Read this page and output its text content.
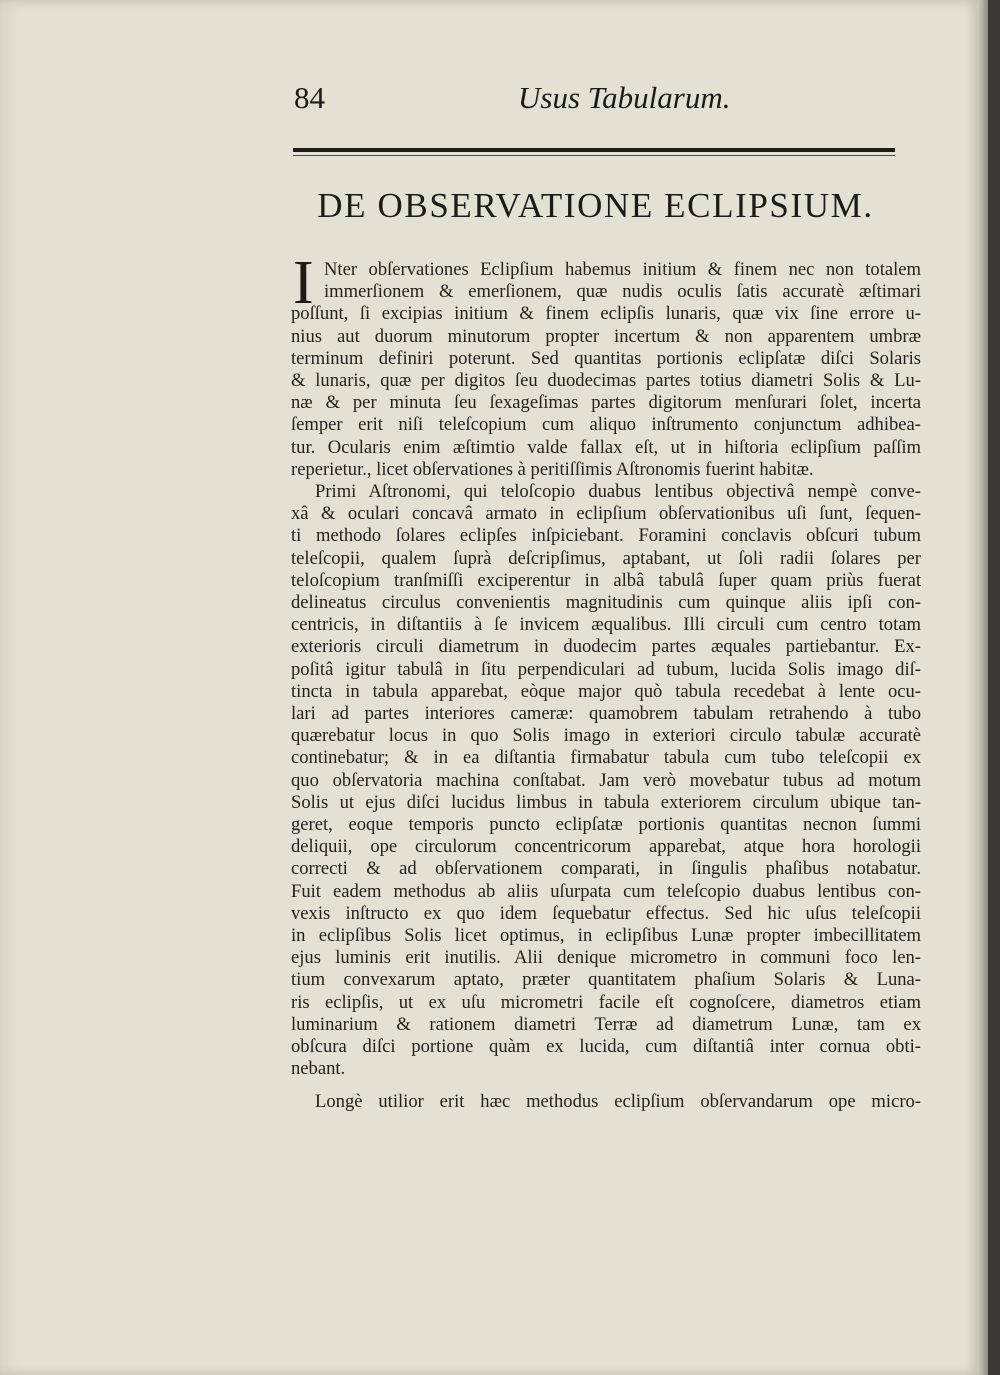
84	Usus Tabularum.
DE OBSERVATIONE ECLIPSIUM.
I Nter obſervationes Eclipſium habemus initium & finem nec non totalem
immerſionem & emerſionem, quæ nudis oculis ſatis accuratè æſtimari
poſſunt, ſi excipias initium & finem eclipſis lunaris, quæ vix ſine errore u-
nius aut duorum minutorum propter incertum & non apparentem umbræ
terminum definiri poterunt. Sed quantitas portionis eclipſatæ diſci Solaris
& lunaris, quæ per digitos ſeu duodecimas partes totius diametri Solis & Lu-
næ & per minuta ſeu ſexageſimas partes digitorum menſurari ſolet, incerta
ſemper erit niſi teleſcopium cum aliquo inſtrumento conjunctum adhibea-
tur. Ocularis enim æſtimtio valde fallax eſt, ut in hiſtoria eclipſium paſſim
reperietur., licet obſervationes à peritiſſimis Aſtronomis fuerint habitæ.
Primi Aſtronomi, qui teloſcopio duabus lentibus objectivâ nempè conve-
xâ & oculari concavâ armato in eclipſium obſervationibus uſi ſunt, ſequen-
ti methodo ſolares eclipſes inſpiciebant. Foramini conclavis obſcuri tubum
teleſcopii, qualem ſuprà deſcripſimus, aptabant, ut ſoli radii ſolares per
teloſcopium tranſmiſſi exciperentur in albâ tabulâ ſuper quam priùs fuerat
delineatus circulus convenientis magnitudinis cum quinque aliis ipſi con-
centricis, in diſtantiis à ſe invicem æqualibus. Illi circuli cum centro totam
exterioris circuli diametrum in duodecim partes æquales partiebantur. Ex-
poſitâ igitur tabulâ in ſitu perpendiculari ad tubum, lucida Solis imago diſ-
tincta in tabula apparebat, eòque major quò tabula recedebat à lente ocu-
lari ad partes interiores cameræ: quamobrem tabulam retrahendo à tubo
quærebatur locus in quo Solis imago in exteriori circulo tabulæ accuratè
continebatur; & in ea diſtantia firmabatur tabula cum tubo teleſcopii ex
quo obſervatoria machina conſtabat. Jam verò movebatur tubus ad motum
Solis ut ejus diſci lucidus limbus in tabula exteriorem circulum ubique tan-
geret, eoque temporis puncto eclipſatæ portionis quantitas necnon ſummi
deliquii, ope circulorum concentricorum apparebat, atque hora horologii
correcti & ad obſervationem comparati, in ſingulis phaſibus notabatur.
Fuit eadem methodus ab aliis uſurpata cum teleſcopio duabus lentibus con-
vexis inſtructo ex quo idem ſequebatur effectus. Sed hic uſus teleſcopii
in eclipſibus Solis licet optimus, in eclipſibus Lunæ propter imbecillitatem
ejus luminis erit inutilis. Alii denique micrometro in communi foco len-
tium convexarum aptato, præter quantitatem phaſium Solaris & Luna-
ris eclipſis, ut ex uſu micrometri facile eſt cognoſcere, diametros etiam
luminarium & rationem diametri Terræ ad diametrum Lunæ, tam ex
obſcura diſci portione quàm ex lucida, cum diſtantiâ inter cornua obti-
nebant.
Longè utilior erit hæc methodus eclipſium obſervandarum ope micro-
